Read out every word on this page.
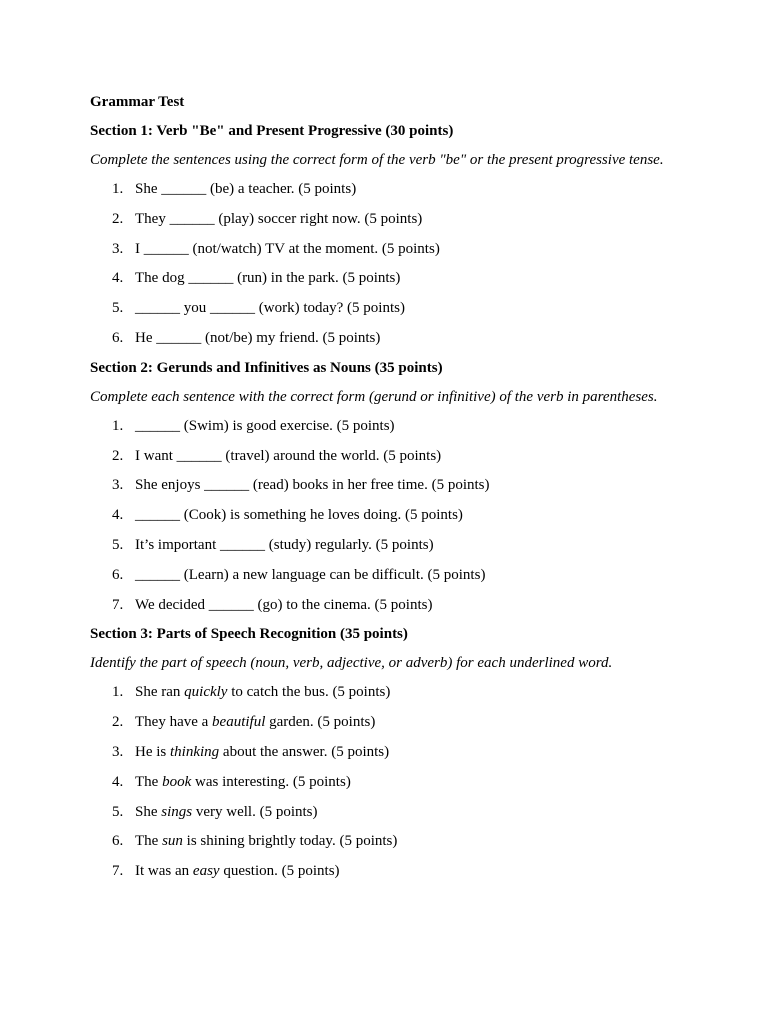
Grammar Test
Section 1: Verb "Be" and Present Progressive (30 points)
Complete the sentences using the correct form of the verb "be" or the present progressive tense.
1. She ______ (be) a teacher. (5 points)
2. They ______ (play) soccer right now. (5 points)
3. I ______ (not/watch) TV at the moment. (5 points)
4. The dog ______ (run) in the park. (5 points)
5. ______ you ______ (work) today? (5 points)
6. He ______ (not/be) my friend. (5 points)
Section 2: Gerunds and Infinitives as Nouns (35 points)
Complete each sentence with the correct form (gerund or infinitive) of the verb in parentheses.
1. ______ (Swim) is good exercise. (5 points)
2. I want ______ (travel) around the world. (5 points)
3. She enjoys ______ (read) books in her free time. (5 points)
4. ______ (Cook) is something he loves doing. (5 points)
5. It’s important ______ (study) regularly. (5 points)
6. ______ (Learn) a new language can be difficult. (5 points)
7. We decided ______ (go) to the cinema. (5 points)
Section 3: Parts of Speech Recognition (35 points)
Identify the part of speech (noun, verb, adjective, or adverb) for each underlined word.
1. She ran quickly to catch the bus. (5 points)
2. They have a beautiful garden. (5 points)
3. He is thinking about the answer. (5 points)
4. The book was interesting. (5 points)
5. She sings very well. (5 points)
6. The sun is shining brightly today. (5 points)
7. It was an easy question. (5 points)
